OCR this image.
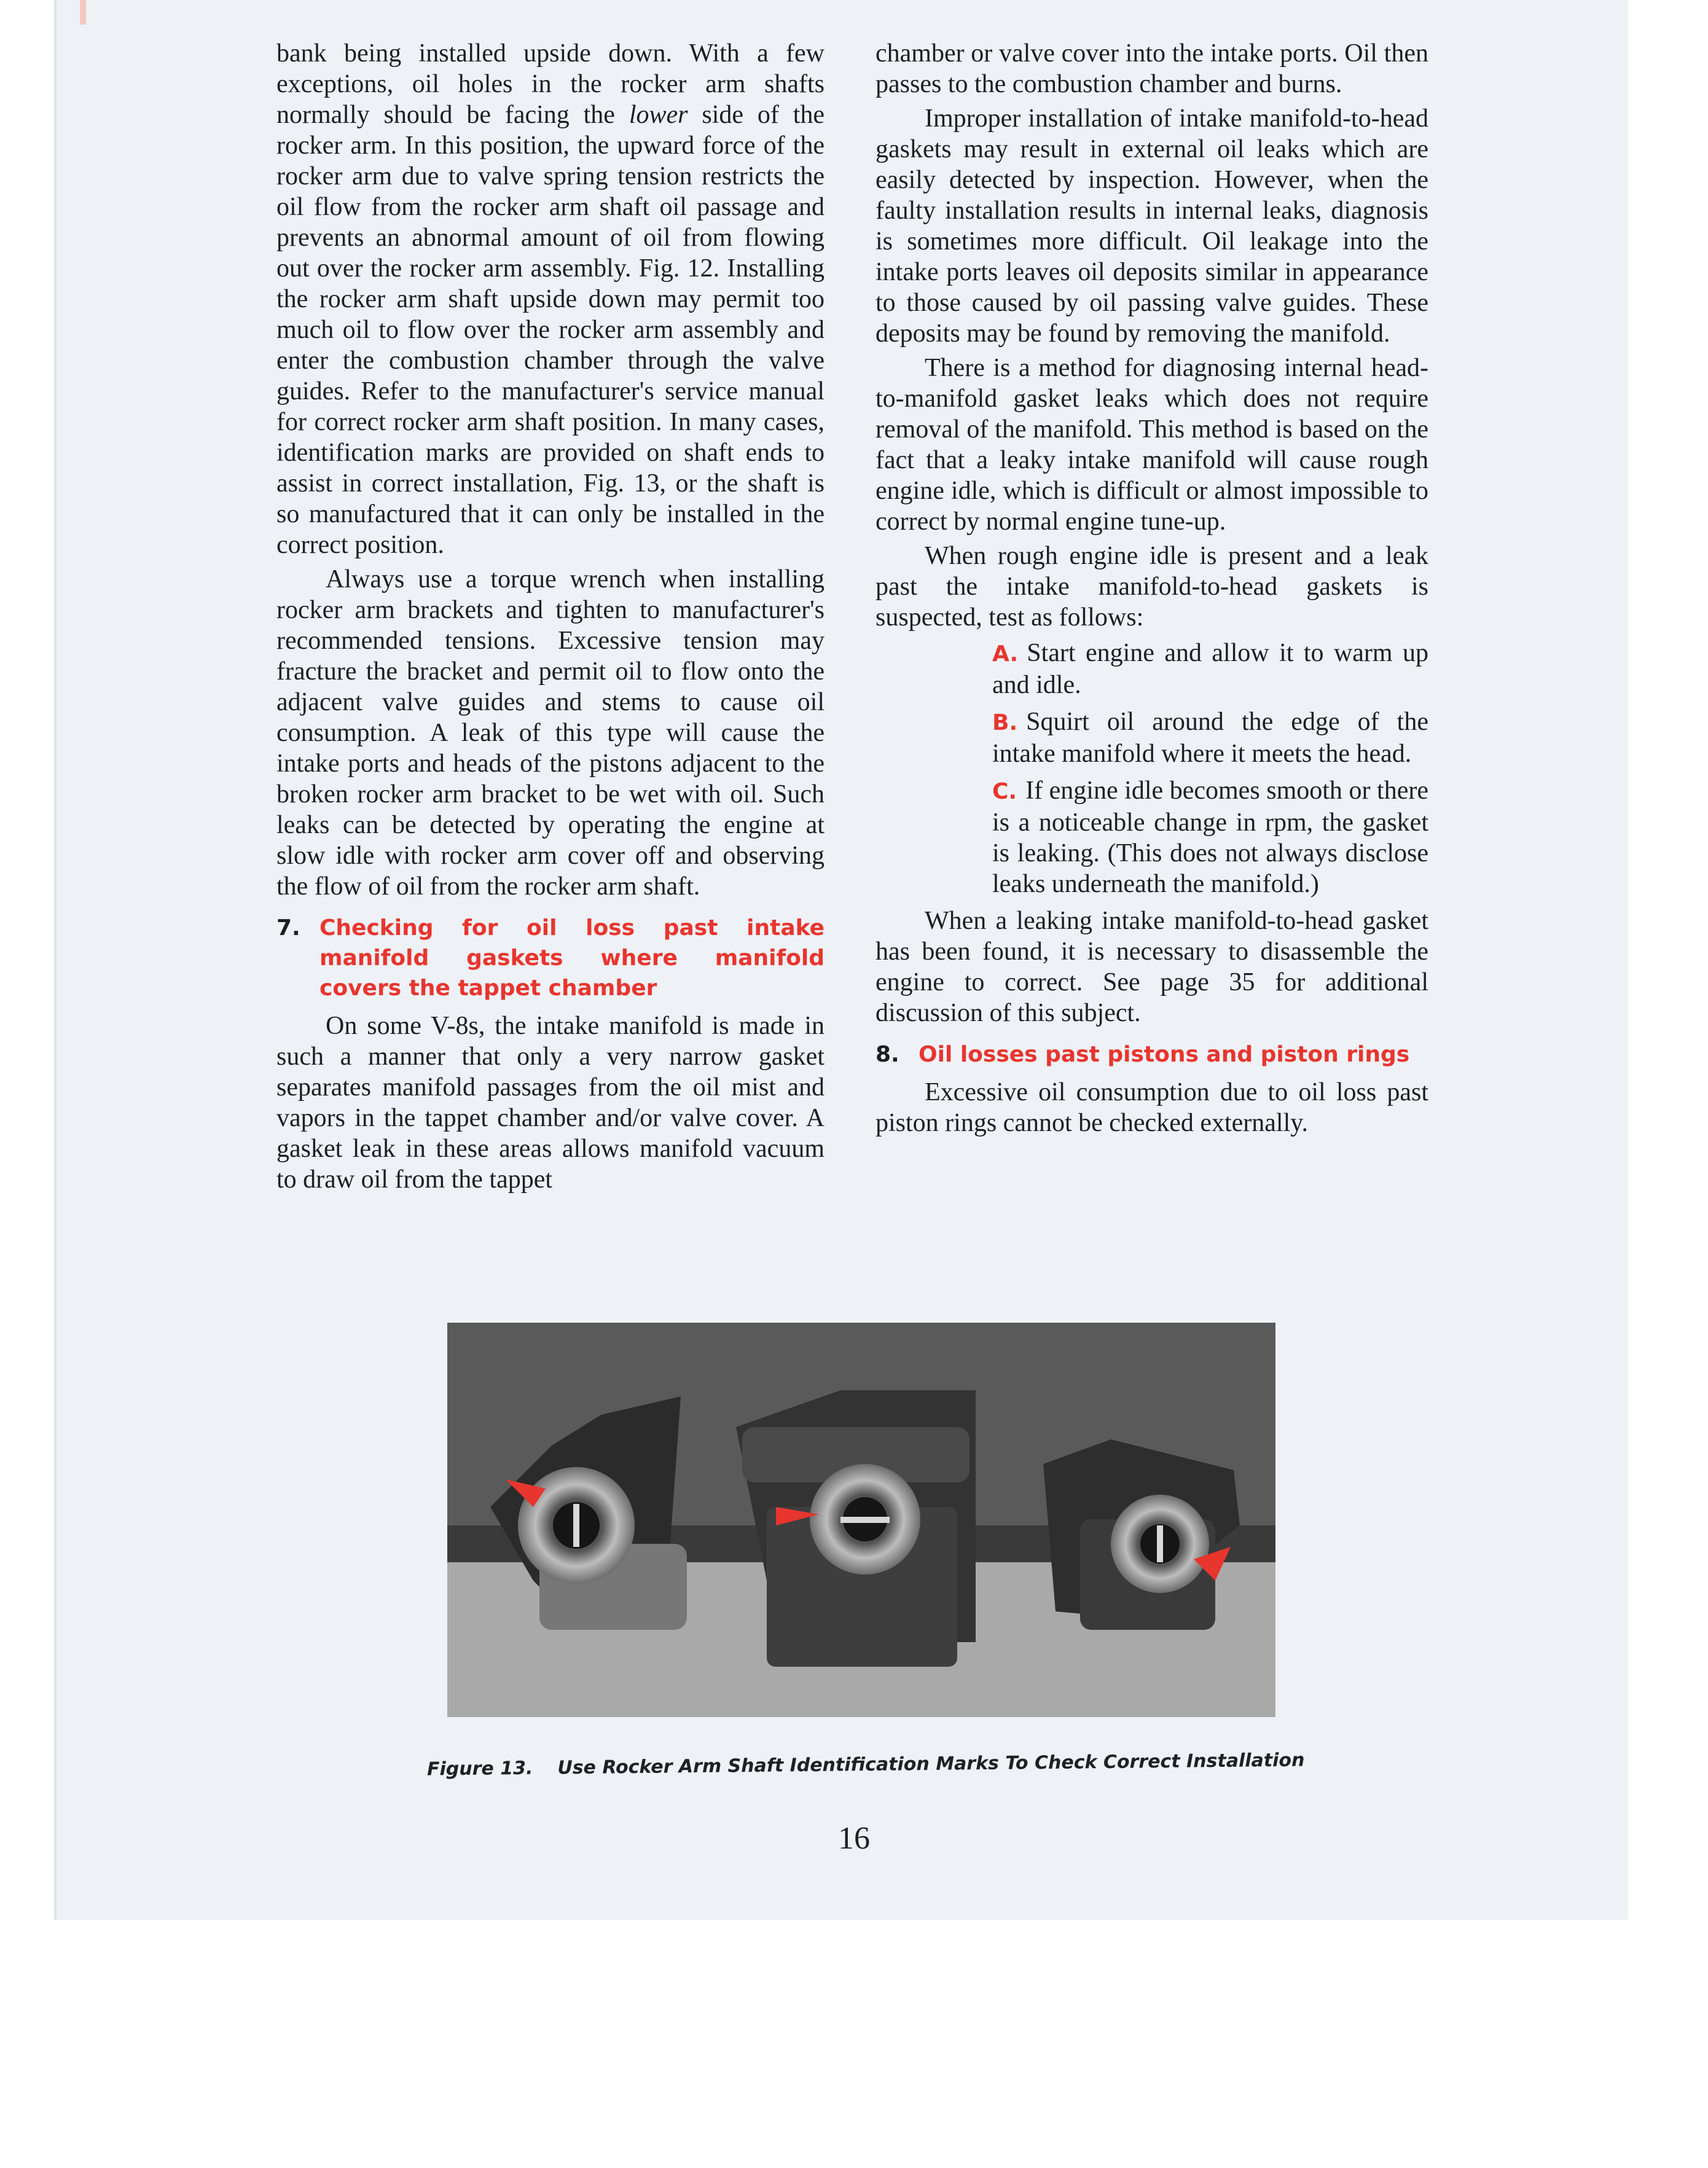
bank being installed upside down. With a few exceptions, oil holes in the rocker arm shafts normally should be facing the lower side of the rocker arm. In this position, the upward force of the rocker arm due to valve spring tension restricts the oil flow from the rocker arm shaft oil passage and prevents an abnormal amount of oil from flowing out over the rocker arm assembly. Fig. 12. Installing the rocker arm shaft upside down may permit too much oil to flow over the rocker arm assembly and enter the combustion chamber through the valve guides. Refer to the manufacturer's service manual for correct rocker arm shaft position. In many cases, identification marks are provided on shaft ends to assist in correct installation, Fig. 13, or the shaft is so manufactured that it can only be installed in the correct position.

Always use a torque wrench when installing rocker arm brackets and tighten to manufacturer's recommended tensions. Excessive tension may fracture the bracket and permit oil to flow onto the adjacent valve guides and stems to cause oil consumption. A leak of this type will cause the intake ports and heads of the pistons adjacent to the broken rocker arm bracket to be wet with oil. Such leaks can be detected by operating the engine at slow idle with rocker arm cover off and observing the flow of oil from the rocker arm shaft.

7. Checking for oil loss past intake manifold gaskets where manifold covers the tappet chamber

On some V-8s, the intake manifold is made in such a manner that only a very narrow gasket separates manifold passages from the oil mist and vapors in the tappet chamber and/or valve cover. A gasket leak in these areas allows manifold vacuum to draw oil from the tappet

chamber or valve cover into the intake ports. Oil then passes to the combustion chamber and burns.

Improper installation of intake manifold-to-head gaskets may result in external oil leaks which are easily detected by inspection. However, when the faulty installation results in internal leaks, diagnosis is sometimes more difficult. Oil leakage into the intake ports leaves oil deposits similar in appearance to those caused by oil passing valve guides. These deposits may be found by removing the manifold.

There is a method for diagnosing internal head-to-manifold gasket leaks which does not require removal of the manifold. This method is based on the fact that a leaky intake manifold will cause rough engine idle, which is difficult or almost impossible to correct by normal engine tune-up.

When rough engine idle is present and a leak past the intake manifold-to-head gaskets is suspected, test as follows:

A. Start engine and allow it to warm up and idle.
B. Squirt oil around the edge of the intake manifold where it meets the head.
C. If engine idle becomes smooth or there is a noticeable change in rpm, the gasket is leaking. (This does not always disclose leaks underneath the manifold.)

When a leaking intake manifold-to-head gasket has been found, it is necessary to disassemble the engine to correct. See page 35 for additional discussion of this subject.

8. Oil losses past pistons and piston rings

Excessive oil consumption due to oil loss past piston rings cannot be checked externally.

Figure 13. Use Rocker Arm Shaft Identification Marks To Check Correct Installation
16
